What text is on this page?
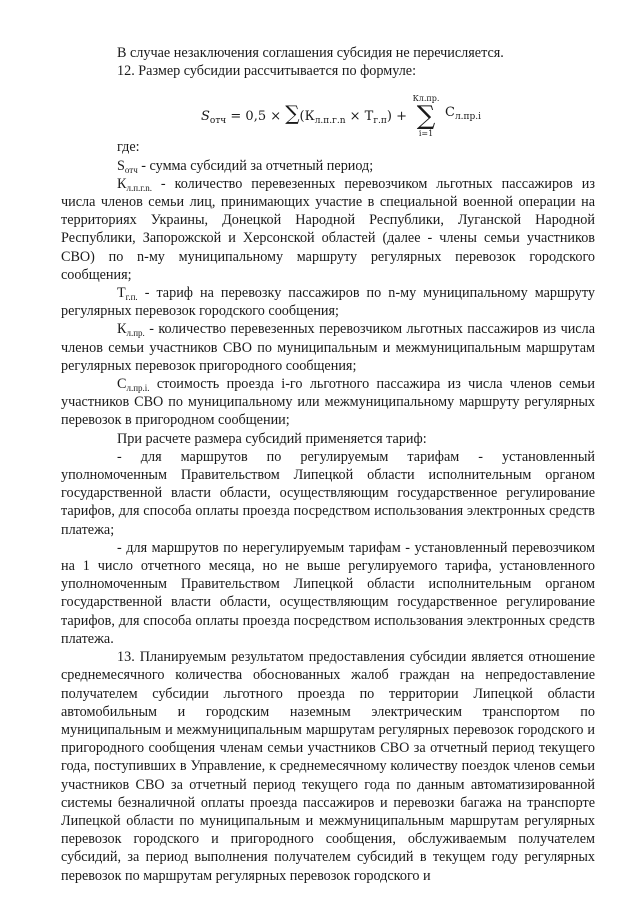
В случае незаключения соглашения субсидия не перечисляется.

12. Размер субсидии рассчитывается по формуле:

$S_{отч} = 0,5 \times \sum(К_{л.п.г.n} \times Т_{г.п})$ +
Кл.пр.
∑
i=1
$С_{л.пр.i}$

где:

$S_{отч}$ - сумма субсидий за отчетный период;

$К_{л.п.г.n.}$ - количество перевезенных перевозчиком льготных пассажиров из числа членов семьи лиц, принимающих участие в специальной военной операции на территориях Украины, Донецкой Народной Республики, Луганской Народной Республики, Запорожской и Херсонской областей (далее - члены семьи участников СВО) по n-му муниципальному маршруту регулярных перевозок городского сообщения;

$Т_{г.п.}$ - тариф на перевозку пассажиров по n-му муниципальному маршруту регулярных перевозок городского сообщения;

$К_{л.пр.}$ - количество перевезенных перевозчиком льготных пассажиров из числа членов семьи участников СВО по муниципальным и межмуниципальным маршрутам регулярных перевозок пригородного сообщения;

$С_{л.пр.i.}$ стоимость проезда i-го льготного пассажира из числа членов семьи участников СВО по муниципальному или межмуниципальному маршруту регулярных перевозок в пригородном сообщении;

При расчете размера субсидий применяется тариф:

- для маршрутов по регулируемым тарифам - установленный уполномоченным Правительством Липецкой области исполнительным органом государственной власти области, осуществляющим государственное регулирование тарифов, для способа оплаты проезда посредством использования электронных средств платежа;

- для маршрутов по нерегулируемым тарифам - установленный перевозчиком на 1 число отчетного месяца, но не выше регулируемого тарифа, установленного уполномоченным Правительством Липецкой области исполнительным органом государственной власти области, осуществляющим государственное регулирование тарифов, для способа оплаты проезда посредством использования электронных средств платежа.

13. Планируемым результатом предоставления субсидии является отношение среднемесячного количества обоснованных жалоб граждан на непредоставление получателем субсидии льготного проезда по территории Липецкой области автомобильным и городским наземным электрическим транспортом по муниципальным и межмуниципальным маршрутам регулярных перевозок городского и пригородного сообщения членам семьи участников СВО за отчетный период текущего года, поступивших в Управление, к среднемесячному количеству поездок членов семьи участников СВО за отчетный период текущего года по данным автоматизированной системы безналичной оплаты проезда пассажиров и перевозки багажа на транспорте Липецкой области по муниципальным и межмуниципальным маршрутам регулярных перевозок городского и пригородного сообщения, обслуживаемым получателем субсидий, за период выполнения получателем субсидий в текущем году регулярных перевозок по маршрутам регулярных перевозок городского и
